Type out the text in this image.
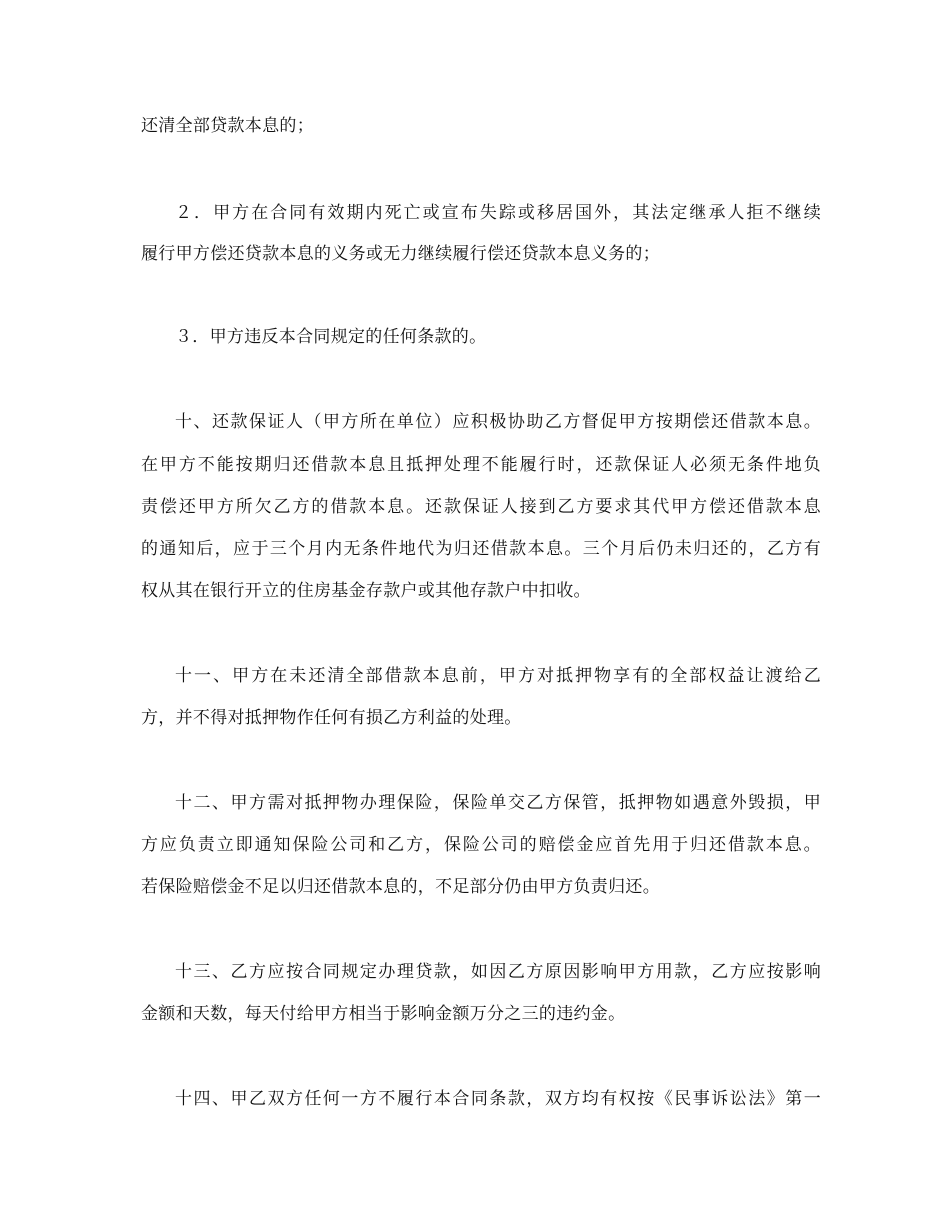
还清全部贷款本息的；

２．甲方在合同有效期内死亡或宣布失踪或移居国外，其法定继承人拒不继续

履行甲方偿还贷款本息的义务或无力继续履行偿还贷款本息义务的；

３．甲方违反本合同规定的任何条款的。

十、还款保证人（甲方所在单位）应积极协助乙方督促甲方按期偿还借款本息。

在甲方不能按期归还借款本息且抵押处理不能履行时，还款保证人必须无条件地负

责偿还甲方所欠乙方的借款本息。还款保证人接到乙方要求其代甲方偿还借款本息

的通知后，应于三个月内无条件地代为归还借款本息。三个月后仍未归还的，乙方有

权从其在银行开立的住房基金存款户或其他存款户中扣收。

十一、甲方在未还清全部借款本息前，甲方对抵押物享有的全部权益让渡给乙

方，并不得对抵押物作任何有损乙方利益的处理。

十二、甲方需对抵押物办理保险，保险单交乙方保管，抵押物如遇意外毁损，甲

方应负责立即通知保险公司和乙方，保险公司的赔偿金应首先用于归还借款本息。

若保险赔偿金不足以归还借款本息的，不足部分仍由甲方负责归还。

十三、乙方应按合同规定办理贷款，如因乙方原因影响甲方用款，乙方应按影响

金额和天数，每天付给甲方相当于影响金额万分之三的违约金。

十四、甲乙双方任何一方不履行本合同条款，双方均有权按《民事诉讼法》第一
